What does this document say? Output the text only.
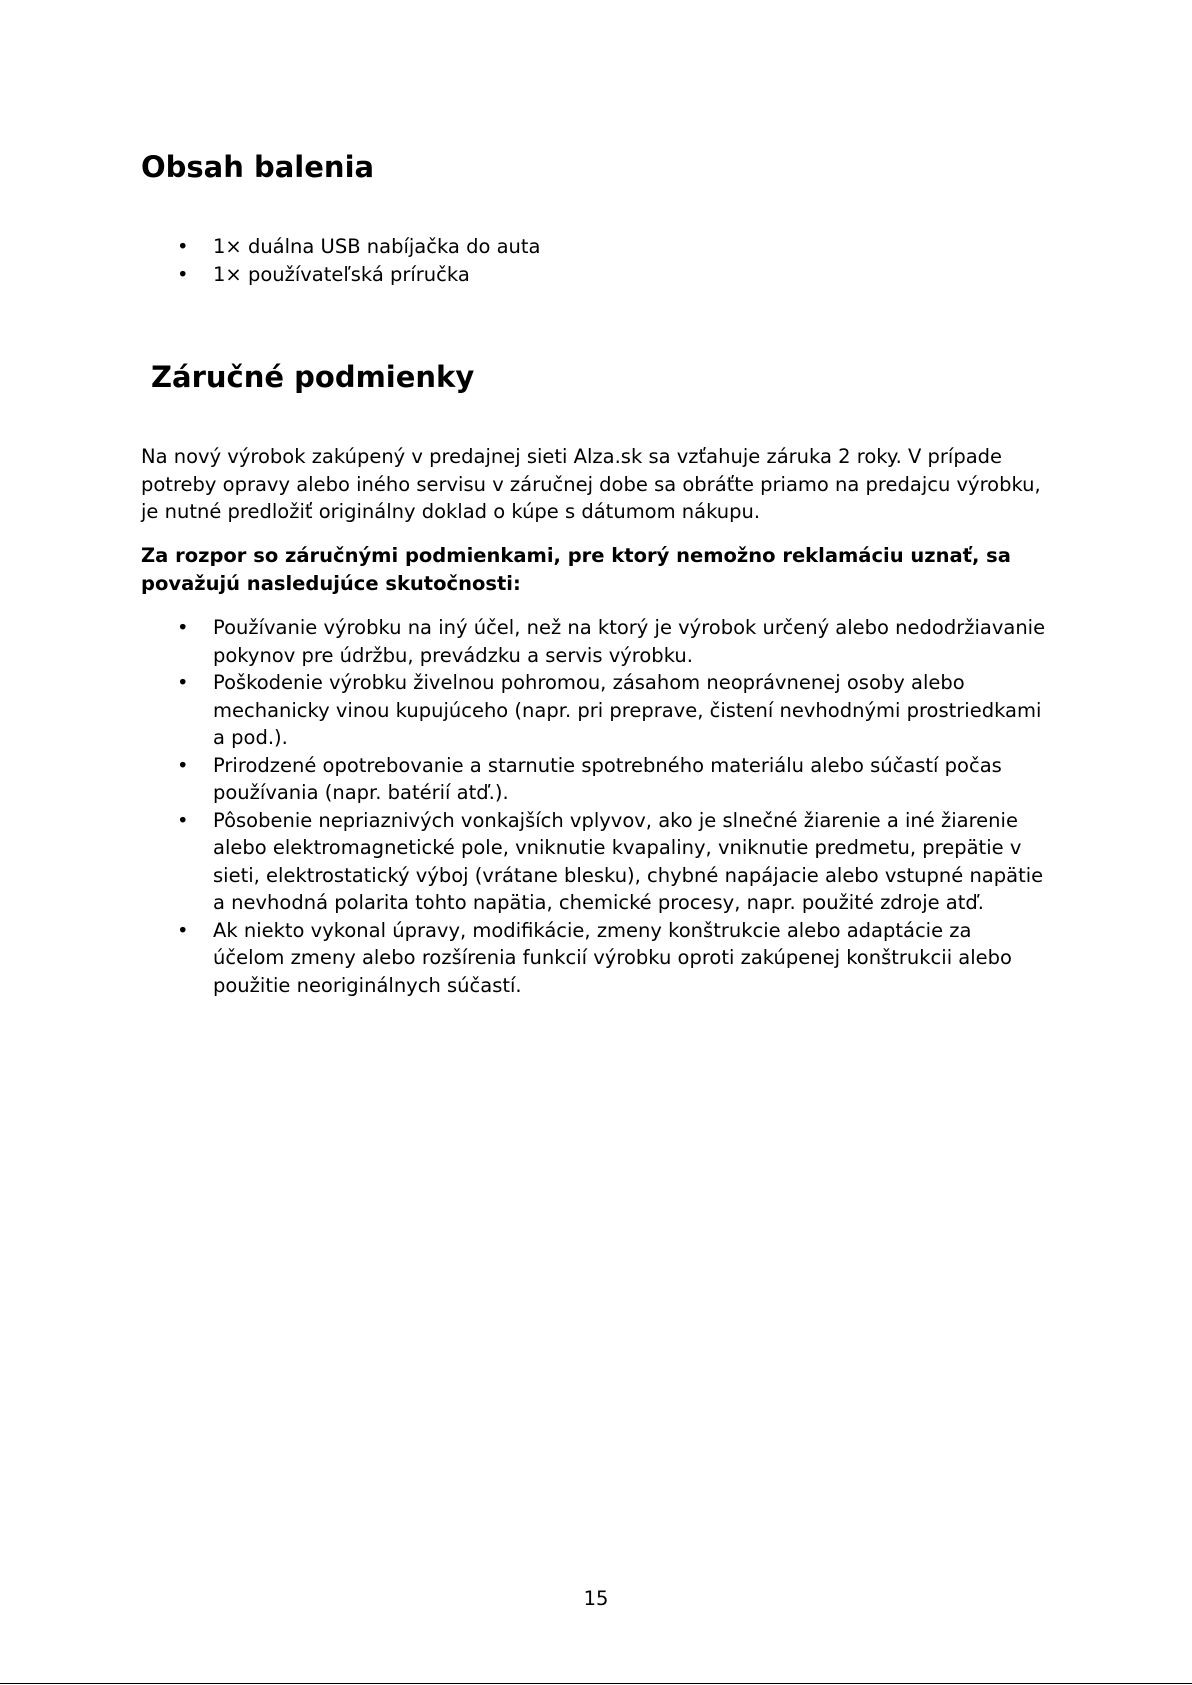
Obsah balenia
• 1× duálna USB nabíjačka do auta
• 1× používateľská príručka
Záručné podmienky

Na nový výrobok zakúpený v predajnej sieti Alza.sk sa vzťahuje záruka 2 roky. V prípade potreby opravy alebo iného servisu v záručnej dobe sa obráťte priamo na predajcu výrobku, je nutné predložiť originálny doklad o kúpe s dátumom nákupu.

Za rozpor so záručnými podmienkami, pre ktorý nemožno reklamáciu uznať, sa považujú nasledujúce skutočnosti:

• Používanie výrobku na iný účel, než na ktorý je výrobok určený alebo nedodržiavanie pokynov pre údržbu, prevádzku a servis výrobku.
• Poškodenie výrobku živelnou pohromou, zásahom neoprávnenej osoby alebo mechanicky vinou kupujúceho (napr. pri preprave, čistení nevhodnými prostriedkami a pod.).
• Prirodzené opotrebovanie a starnutie spotrebného materiálu alebo súčastí počas používania (napr. batérií atď.).
• Pôsobenie nepriaznivých vonkajších vplyvov, ako je slnečné žiarenie a iné žiarenie alebo elektromagnetické pole, vniknutie kvapaliny, vniknutie predmetu, prepätie v sieti, elektrostatický výboj (vrátane blesku), chybné napájacie alebo vstupné napätie a nevhodná polarita tohto napätia, chemické procesy, napr. použité zdroje atď.
• Ak niekto vykonal úpravy, modifikácie, zmeny konštrukcie alebo adaptácie za účelom zmeny alebo rozšírenia funkcií výrobku oproti zakúpenej konštrukcii alebo použitie neoriginálnych súčastí.
15
